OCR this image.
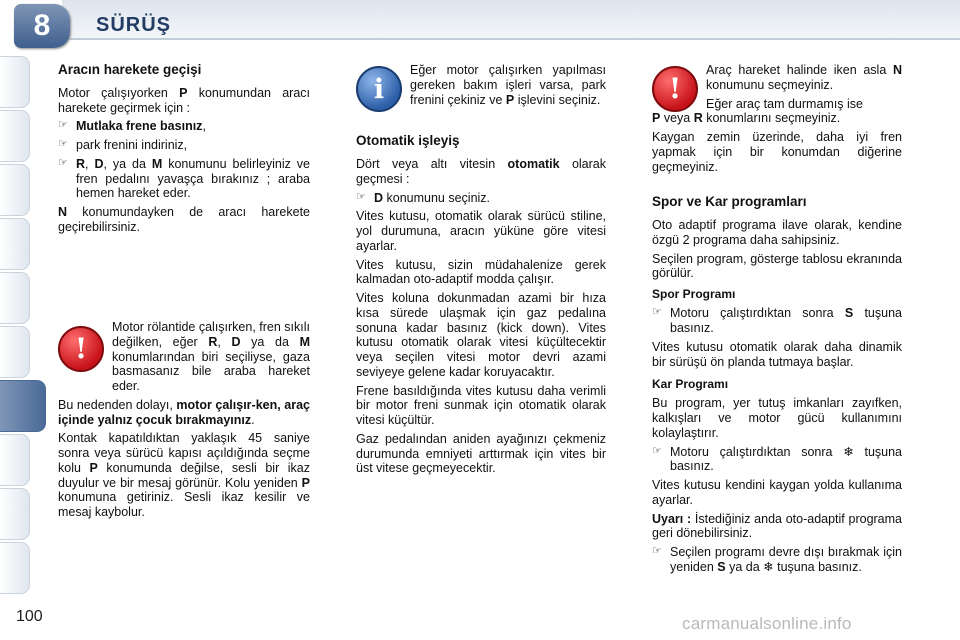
8	SÜRÜŞ
Aracın harekete geçişi

Motor çalışıyorken P konumundan aracı harekete geçirmek için :

☞ Mutlaka frene basınız,
☞ park frenini indiriniz,
☞ R, D, ya da M konumunu belirleyiniz ve fren pedalını yavaşça bırakınız ; araba hemen hareket eder.

N konumundayken de aracı harekete geçirebilirsiniz.

!

Motor rölantide çalışırken, fren sıkılı değilken, eğer R, D ya da M konumlarından biri seçiliyse, gaza basmasanız bile araba hareket eder.

Bu nedenden dolayı, motor çalışır-ken, araç içinde yalnız çocuk bırakmayınız.

Kontak kapatıldıktan yaklaşık 45 saniye sonra veya sürücü kapısı açıldığında seçme kolu P konumunda değilse, sesli bir ikaz duyulur ve bir mesaj görünür. Kolu yeniden P konumuna getiriniz. Sesli ikaz kesilir ve mesaj kaybolur.

i

Eğer motor çalışırken yapılması gereken bakım işleri varsa, park frenini çekiniz ve P işlevini seçiniz.

Otomatik işleyiş

Dört veya altı vitesin otomatik olarak geçmesi :

☞ D konumunu seçiniz.

Vites kutusu, otomatik olarak sürücü stiline, yol durumuna, aracın yüküne göre vitesi ayarlar.

Vites kutusu, sizin müdahalenize gerek kalmadan oto-adaptif modda çalışır.

Vites koluna dokunmadan azami bir hıza kısa sürede ulaşmak için gaz pedalına sonuna kadar basınız (kick down). Vites kutusu otomatik olarak vitesi küçültecektir veya seçilen vitesi motor devri azami seviyeye gelene kadar koruyacaktır.

Frene basıldığında vites kutusu daha verimli bir motor freni sunmak için otomatik olarak vitesi küçültür.

Gaz pedalından aniden ayağınızı çekmeniz durumunda emniyeti arttırmak için vites bir üst vitese geçmeyecektir.

!

Araç hareket halinde iken asla N konumunu seçmeyiniz.

Eğer araç tam durmamış ise

P veya R konumlarını seçmeyiniz.

Kaygan zemin üzerinde, daha iyi fren yapmak için bir konumdan diğerine geçmeyiniz.

Spor ve Kar programları

Oto adaptif programa ilave olarak, kendine özgü 2 programa daha sahipsiniz.

Seçilen program, gösterge tablosu ekranında görülür.

Spor Programı
☞ Motoru çalıştırdıktan sonra S tuşuna basınız.

Vites kutusu otomatik olarak daha dinamik bir sürüşü ön planda tutmaya başlar.

Kar Programı

Bu program, yer tutuş imkanları zayıfken, kalkışları ve motor gücü kullanımını kolaylaştırır.

☞ Motoru çalıştırdıktan sonra ❄ tuşuna basınız.

Vites kutusu kendini kaygan yolda kullanıma ayarlar.

Uyarı : İstediğiniz anda oto-adaptif programa geri dönebilirsiniz.

☞ Seçilen programı devre dışı bırakmak için yeniden S ya da ❄ tuşuna basınız.
100	carmanualsonline.info
